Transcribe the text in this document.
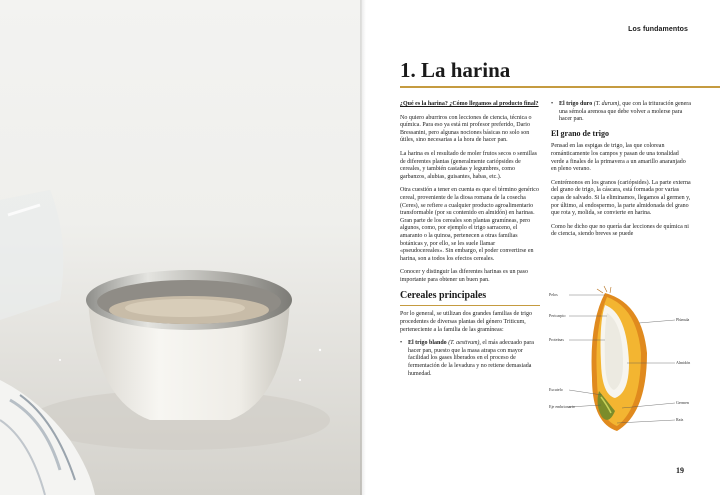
Los fundamentos
1. La harina

¿Qué es la harina? ¿Cómo llegamos al producto final?

No quiero aburriros con lecciones de ciencia, técnica o química. Para eso ya está mi profesor preferido, Dario Bressanini, pero algunas nociones básicas no solo son útiles, sino necesarias a la hora de hacer pan.

La harina es el resultado de moler frutos secos o semillas de diferentes plantas (generalmente cariópsides de cereales, y también castañas y legumbres, como garbanzos, alubias, guisantes, habas, etc.).

Otra cuestión a tener en cuenta es que el término genérico cereal, proveniente de la diosa romana de la cosecha (Ceres), se refiere a cualquier producto agroalimentario transformable (por su contenido en almidón) en harinas. Gran parte de los cereales son plantas gramíneas, pero algunos, como, por ejemplo el trigo sarraceno, el amaranto o la quinoa, pertenecen a otras familias botánicas y, por ello, se les suele llamar «pseudocereales». Sin embargo, el poder convertirse en harina, son a todos los efectos cereales.

Conocer y distinguir las diferentes harinas es un paso importante para obtener un buen pan.

Cereales principales

Por lo general, se utilizan dos grandes familias de trigo procedentes de diversas plantas del género Triticum, perteneciente a la familia de las gramíneas:

• El trigo blando (T. aestivum), el más adecuado para hacer pan, puesto que la masa atrapa con mayor facilidad los gases liberados en el proceso de fermentación de la levadura y no retiene demasiada humedad.

• El trigo duro (T. durum), que con la trituración genera una sémola arenosa que debe volver a molerse para hacer pan.

El grano de trigo

Pensad en las espigas de trigo, las que colorean románticamente los campos y pasan de una tonalidad verde a finales de la primavera a un amarillo anaranjado en pleno verano.

Centrémonos en los granos (cariópsides). La parte externa del grano de trigo, la cáscara, está formada por varias capas de salvado. Si la eliminamos, llegamos al germen y, por último, al endospermo, la parte almidonada del grano que rota y, molida, se convierte en harina.

Como he dicho que no quería dar lecciones de química ni de ciencia, siendo breves se puede

19
Pelos
Pericarpio
Proteínas
Escutelo
Eje embrionario
Plúmula
Almidón
Germen
Raíz
